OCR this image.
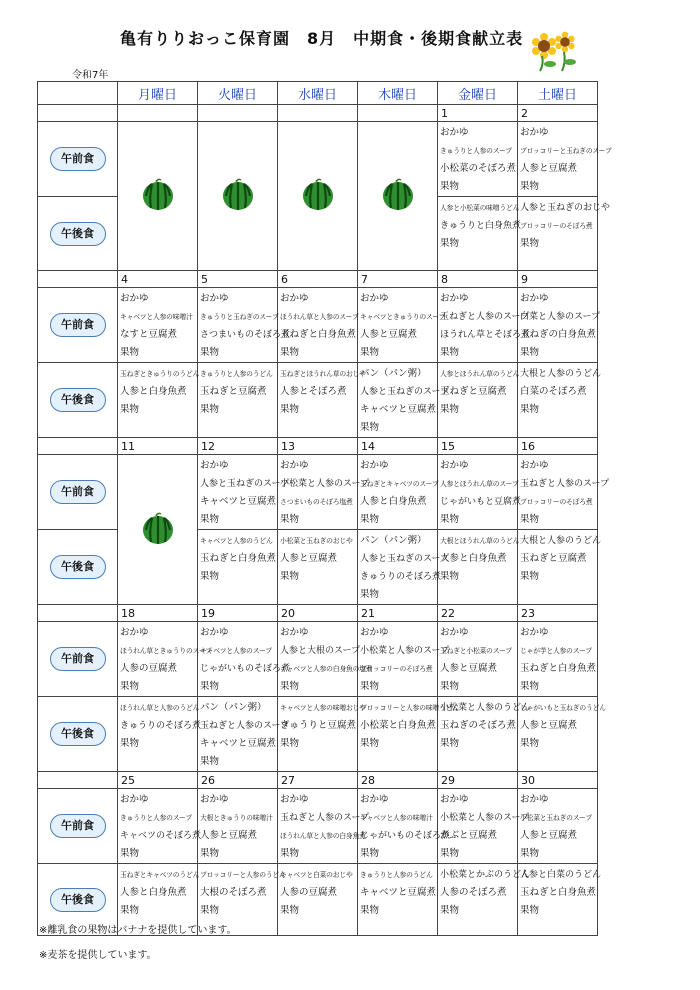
亀有りりおっこ保育園　8月　中期食・後期食献立表
令和7年
	月曜日	火曜日	水曜日	木曜日	金曜日	土曜日
					1	2
午前食					おかゆ
きゅうりと人参のスープ
小松菜のそぼろ煮
果物	おかゆ
ブロッコリーと玉ねぎのスープ
人参と豆腐煮
果物

午後食					人参と小松菜の味噌うどん
きゅうりと白身魚煮
果物	人参と玉ねぎのおじや
ブロッコリーのそぼろ煮
果物

	4	5	6	7	8	9
午前食	おかゆ
キャベツと人参の味噌汁
なすと豆腐煮
果物	おかゆ
きゅうりと玉ねぎのスープ
さつまいものそぼろ煮
果物	おかゆ
ほうれん草と人参のスープ
玉ねぎと白身魚煮
果物	おかゆ
キャベツときゅうりのスープ
人参と豆腐煮
果物	おかゆ
玉ねぎと人参のスープ
ほうれん草とそぼろ煮
果物	おかゆ
白菜と人参のスープ
玉ねぎの白身魚煮
果物

午後食	玉ねぎときゅうりのうどん
人参と白身魚煮
果物	きゅうりと人参のうどん
玉ねぎと豆腐煮
果物	玉ねぎとほうれん草のおじや
人参とそぼろ煮
果物	パン（パン粥）
人参と玉ねぎのスープ
キャベツと豆腐煮
果物	人参とほうれん草のうどん
玉ねぎと豆腐煮
果物	大根と人参のうどん
白菜のそぼろ煮
果物

	11	12	13	14	15	16
午前食		おかゆ
人参と玉ねぎのスープ
キャベツと豆腐煮
果物	おかゆ
小松菜と人参のスープ
さつまいものそぼろ塩煮
果物	おかゆ
玉ねぎとキャベツのスープ
人参と白身魚煮
果物	おかゆ
人参とほうれん草のスープ
じゃがいもと豆腐煮
果物	おかゆ
玉ねぎと人参のスープ
ブロッコリーのそぼろ煮
果物

午後食		キャベツと人参のうどん
玉ねぎと白身魚煮
果物	小松菜と玉ねぎのおじや
人参と豆腐煮
果物	パン（パン粥）
人参と玉ねぎのスープ
きゅうりのそぼろ煮
果物	大根とほうれん草のうどん
人参と白身魚煮
果物	大根と人参のうどん
玉ねぎと豆腐煮
果物

	18	19	20	21	22	23
午前食	おかゆ
ほうれん草ときゅうりのスープ
人参の豆腐煮
果物	おかゆ
キャベツと人参のスープ
じゃがいものそぼろ煮
果物	おかゆ
人参と大根のスープ
キャベツと人参の白身魚の塩煮
果物	おかゆ
小松菜と人参のスープ
ブロッコリーのそぼろ煮
果物	おかゆ
玉ねぎと小松菜のスープ
人参と豆腐煮
果物	おかゆ
じゃが芋と人参のスープ
玉ねぎと白身魚煮
果物

午後食	ほうれん草と人参のうどん
きゅうりのそぼろ煮
果物	パン（パン粥）
玉ねぎと人参のスープ
キャベツと豆腐煮
果物	キャベツと人参の味噌おじや
きゅうりと豆腐煮
果物	ブロッコリーと人参の味噌うどん
小松菜と白身魚煮
果物	小松菜と人参のうどん
玉ねぎのそぼろ煮
果物	じゃがいもと玉ねぎのうどん
人参と豆腐煮
果物

	25	26	27	28	29	30
午前食	おかゆ
きゅうりと人参のスープ
キャベツのそぼろ煮
果物	おかゆ
大根ときゅうりの味噌汁
人参と豆腐煮
果物	おかゆ
玉ねぎと人参のスープ
ほうれん草と人参の白身魚煮
果物	おかゆ
キャベツと人参の味噌汁
じゃがいものそぼろ煮
果物	おかゆ
小松菜と人参のスープ
かぶと豆腐煮
果物	おかゆ
小松菜と玉ねぎのスープ
人参と豆腐煮
果物

午後食	玉ねぎとキャベツのうどん
人参と白身魚煮
果物	ブロッコリーと人参のうどん
大根のそぼろ煮
果物	キャベツと白菜のおじや
人参の豆腐煮
果物	きゅうりと人参のうどん
キャベツと豆腐煮
果物	小松菜とかぶのうどん
人参のそぼろ煮
果物	人参と白菜のうどん
玉ねぎと白身魚煮
果物
※離乳食の果物はバナナを提供しています。
※麦茶を提供しています。
